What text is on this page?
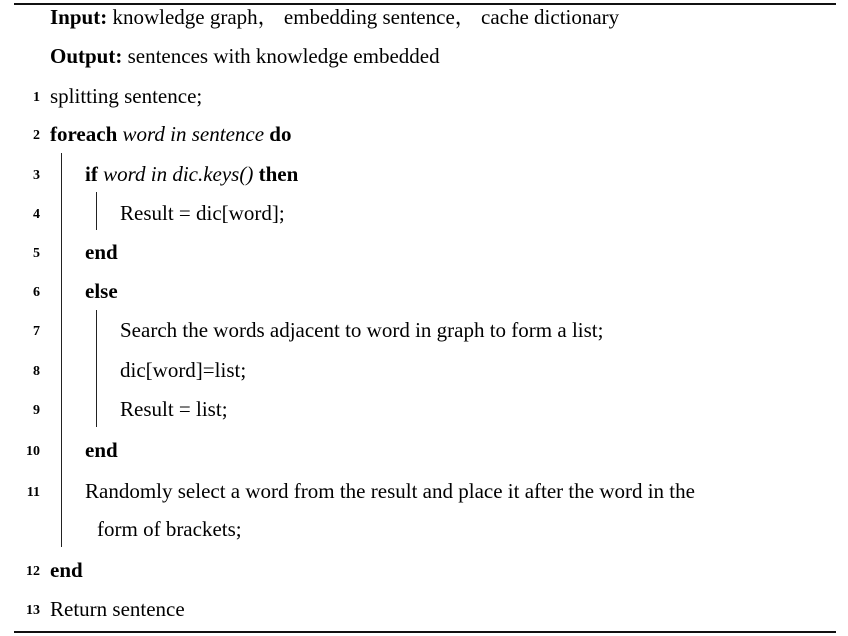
Input: knowledge graph， embedding sentence， cache dictionary
Output: sentences with knowledge embedded
1 splitting sentence;
2 foreach word in sentence do
3 if word in dic.keys() then
4	Result = dic[word];
5 end
6 else
7	Search the words adjacent to word in graph to form a list;
8	dic[word]=list;
9	Result = list;
10 end
11 Randomly select a word from the result and place it after the word in the
form of brackets;
12 end
13 Return sentence
